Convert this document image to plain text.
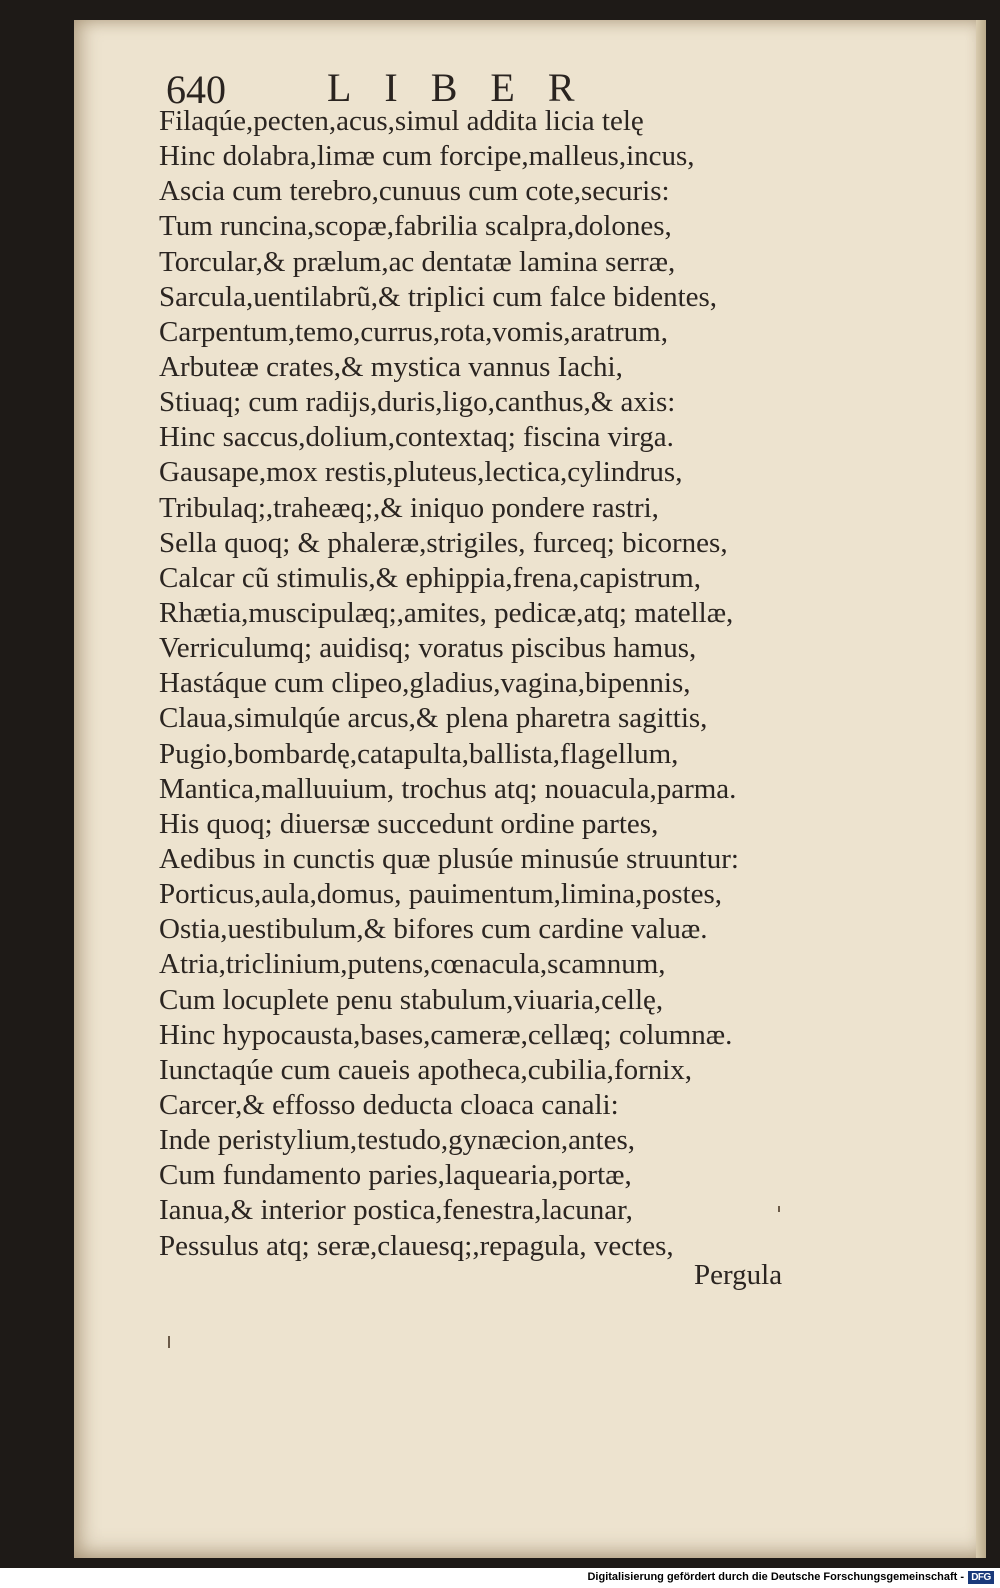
640	LIBER
Filaqúe,pecten,acus,simul addita licia telę
Hinc dolabra,limæ cum forcipe,malleus,incus,
Ascia cum terebro,cunuus cum cote,securis:
Tum runcina,scopæ,fabrilia scalpra,dolones,
Torcular,& prælum,ac dentatæ lamina serræ,
Sarcula,uentilabrũ,& triplici cum falce bidentes,
Carpentum,temo,currus,rota,vomis,aratrum,
Arbuteæ crates,& mystica vannus Iachi,
Stiuaq; cum radijs,duris,ligo,canthus,& axis:
Hinc saccus,dolium,contextaq; fiscina virga.
Gausape,mox restis,pluteus,lectica,cylindrus,
Tribulaq;,traheæq;,& iniquo pondere rastri,
Sella quoq; & phaleræ,strigiles, furceq; bicornes,
Calcar cũ stimulis,& ephippia,frena,capistrum,
Rhætia,muscipulæq;,amites, pedicæ,atq; matellæ,
Verriculumq; auidisq; voratus piscibus hamus,
Hastáque cum clipeo,gladius,vagina,bipennis,
Claua,simulqúe arcus,& plena pharetra sagittis,
Pugio,bombardę,catapulta,ballista,flagellum,
Mantica,malluuium, trochus atq; nouacula,parma.
His quoq; diuersæ succedunt ordine partes,
Aedibus in cunctis quæ plusúe minusúe struuntur:
Porticus,aula,domus, pauimentum,limina,postes,
Ostia,uestibulum,& bifores cum cardine valuæ.
Atria,triclinium,putens,cœnacula,scamnum,
Cum locuplete penu stabulum,viuaria,cellę,
Hinc hypocausta,bases,cameræ,cellæq; columnæ.
Iunctaqúe cum caueis apotheca,cubilia,fornix,
Carcer,& effosso deducta cloaca canali:
Inde peristylium,testudo,gynæcion,antes,
Cum fundamento paries,laquearia,portæ,
Ianua,& interior postica,fenestra,lacunar,
Pessulus atq; seræ,clauesq;,repagula, vectes,
Pergula
Digitalisierung gefördert durch die Deutsche Forschungsgemeinschaft - DFG
